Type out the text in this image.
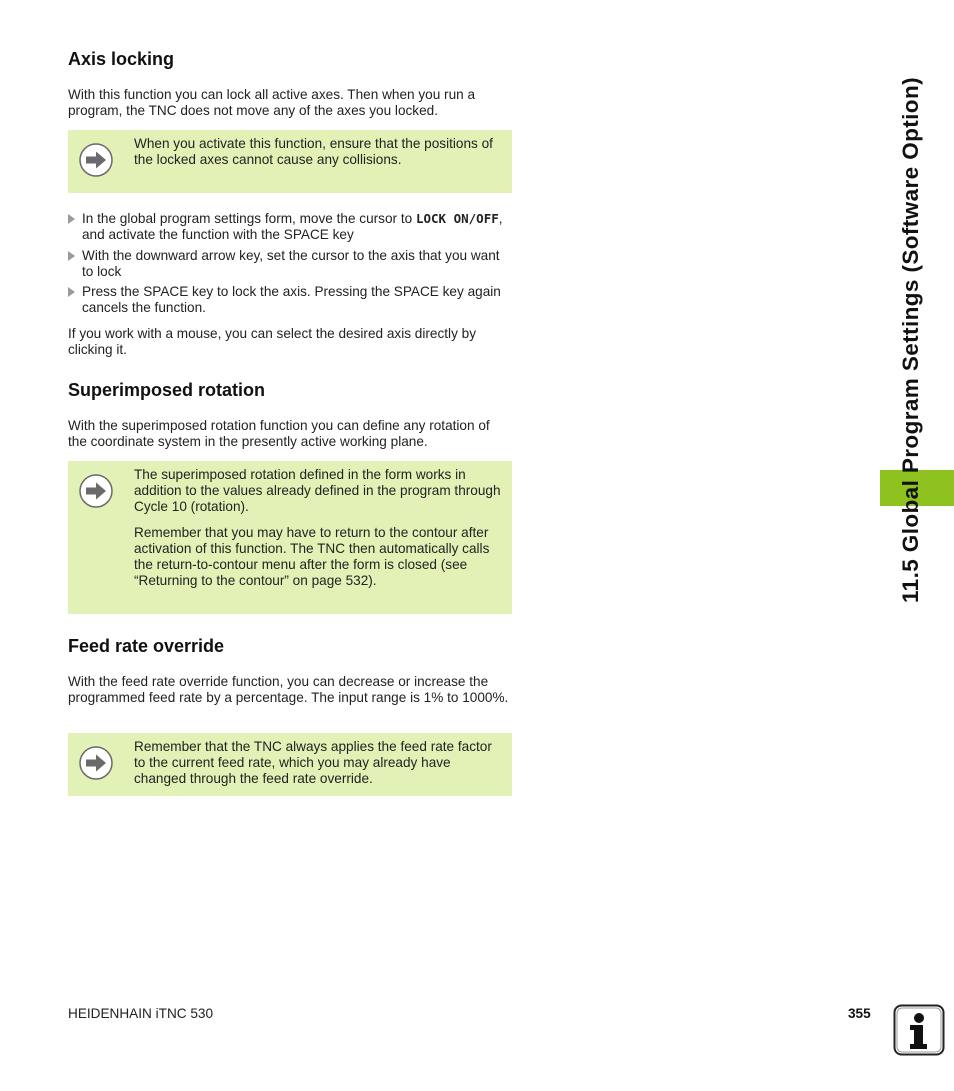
Axis locking

With this function you can lock all active axes. Then when you run a program, the TNC does not move any of the axes you locked.

When you activate this function, ensure that the positions of the locked axes cannot cause any collisions.

In the global program settings form, move the cursor to LOCK ON/OFF, and activate the function with the SPACE key
With the downward arrow key, set the cursor to the axis that you want to lock
Press the SPACE key to lock the axis. Pressing the SPACE key again cancels the function.

If you work with a mouse, you can select the desired axis directly by clicking it.

Superimposed rotation

With the superimposed rotation function you can define any rotation of the coordinate system in the presently active working plane.

The superimposed rotation defined in the form works in addition to the values already defined in the program through Cycle 10 (rotation).

Remember that you may have to return to the contour after activation of this function. The TNC then automatically calls the return-to-contour menu after the form is closed (see “Returning to the contour” on page 532).

Feed rate override

With the feed rate override function, you can decrease or increase the programmed feed rate by a percentage. The input range is 1% to 1000%.

Remember that the TNC always applies the feed rate factor to the current feed rate, which you may already have changed through the feed rate override.

11.5 Global Program Settings (Software Option)
HEIDENHAIN iTNC 530	355
